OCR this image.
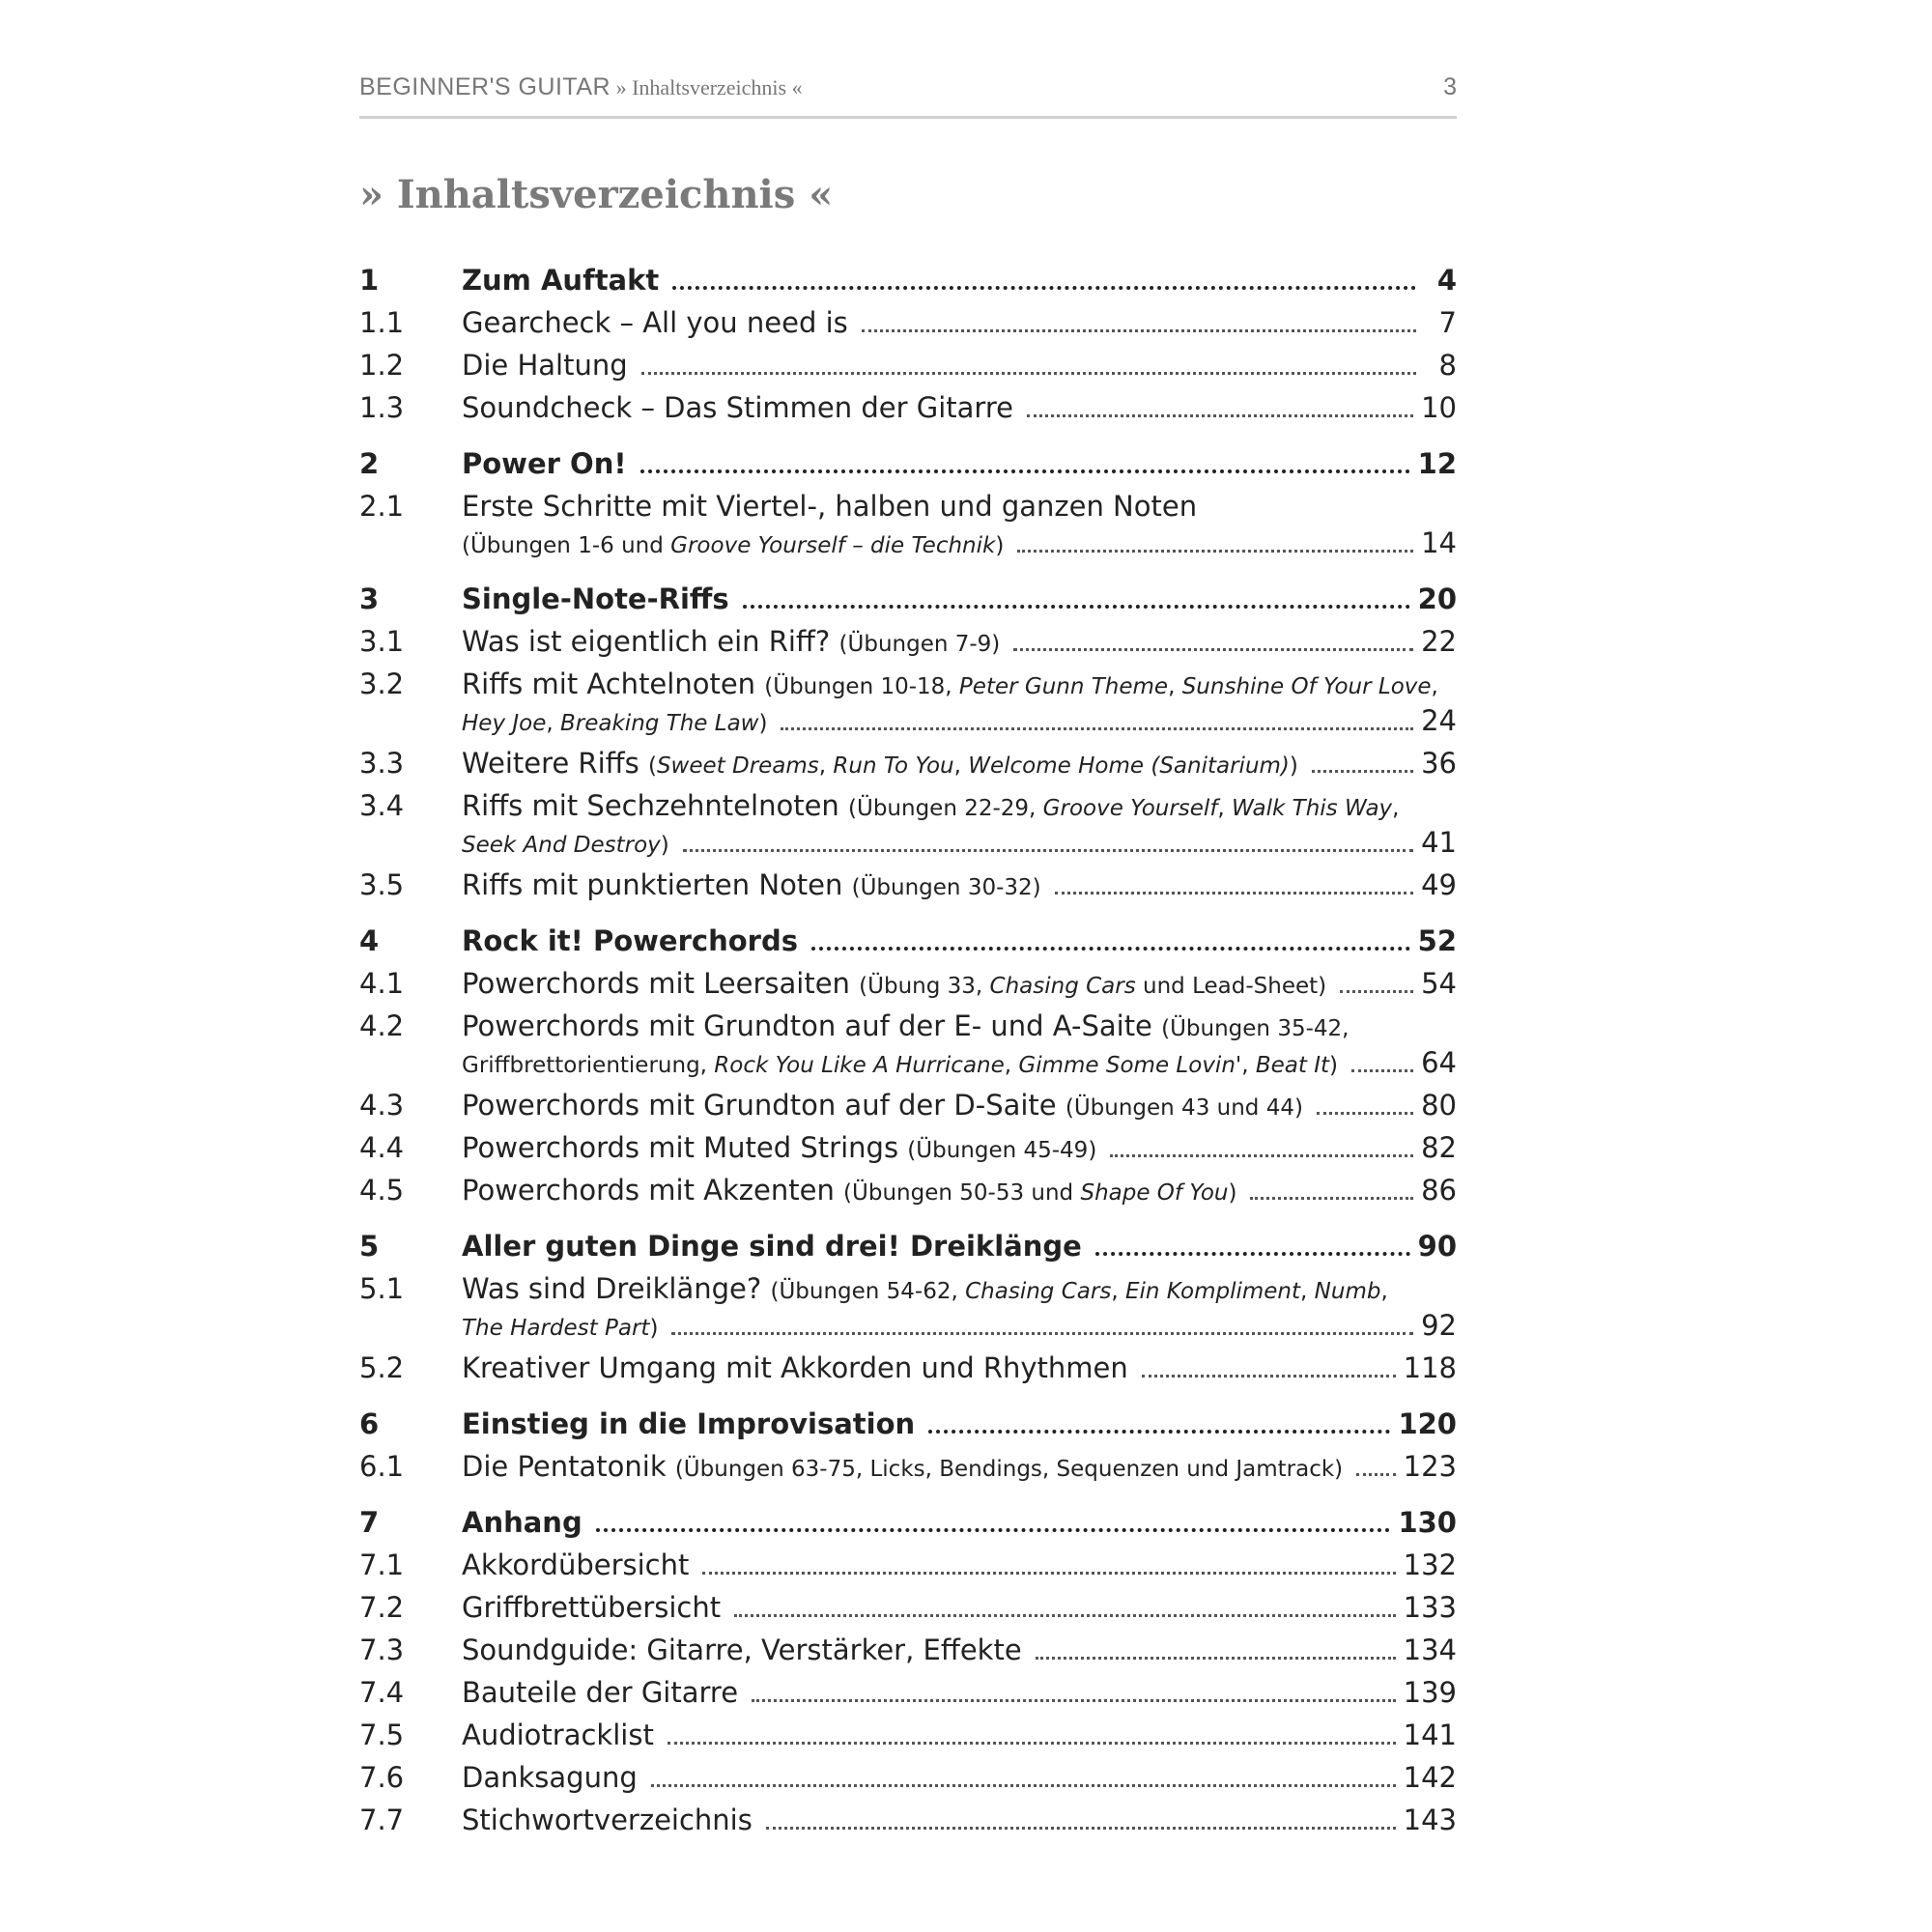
BEGINNER'S GUITAR » Inhaltsverzeichnis «	3
» Inhaltsverzeichnis «
1	Zum Auftakt	4
1.1 Gearcheck – All you need is	7
1.2 Die Haltung	8
1.3 Soundcheck – Das Stimmen der Gitarre	10
2	Power On!	12
2.1 Erste Schritte mit Viertel-, halben und ganzen Noten
(Übungen 1-6 und Groove Yourself – die Technik)	14
3	Single-Note-Riffs	20
3.1 Was ist eigentlich ein Riff? (Übungen 7-9)	22
3.2 Riffs mit Achtelnoten (Übungen 10-18, Peter Gunn Theme, Sunshine Of Your Love,
Hey Joe, Breaking The Law)	24
3.3 Weitere Riffs (Sweet Dreams, Run To You, Welcome Home (Sanitarium))	36
3.4 Riffs mit Sechzehntelnoten (Übungen 22-29, Groove Yourself, Walk This Way,
Seek And Destroy)	41
3.5 Riffs mit punktierten Noten (Übungen 30-32)	49
4	Rock it! Powerchords	52
4.1 Powerchords mit Leersaiten (Übung 33, Chasing Cars und Lead-Sheet)	54
4.2 Powerchords mit Grundton auf der E- und A-Saite (Übungen 35-42,
Griffbrettorientierung, Rock You Like A Hurricane, Gimme Some Lovin', Beat It)	64
4.3 Powerchords mit Grundton auf der D-Saite (Übungen 43 und 44)	80
4.4 Powerchords mit Muted Strings (Übungen 45-49)	82
4.5 Powerchords mit Akzenten (Übungen 50-53 und Shape Of You)	86
5	Aller guten Dinge sind drei! Dreiklänge	90
5.1 Was sind Dreiklänge? (Übungen 54-62, Chasing Cars, Ein Kompliment, Numb,
The Hardest Part)	92
5.2 Kreativer Umgang mit Akkorden und Rhythmen	118
6	Einstieg in die Improvisation	120
6.1 Die Pentatonik (Übungen 63-75, Licks, Bendings, Sequenzen und Jamtrack) 123
7	Anhang	130
7.1 Akkordübersicht	132
7.2 Griffbrettübersicht	133
7.3 Soundguide: Gitarre, Verstärker, Effekte	134
7.4 Bauteile der Gitarre	139
7.5 Audiotracklist	141
7.6 Danksagung	142
7.7 Stichwortverzeichnis	143
